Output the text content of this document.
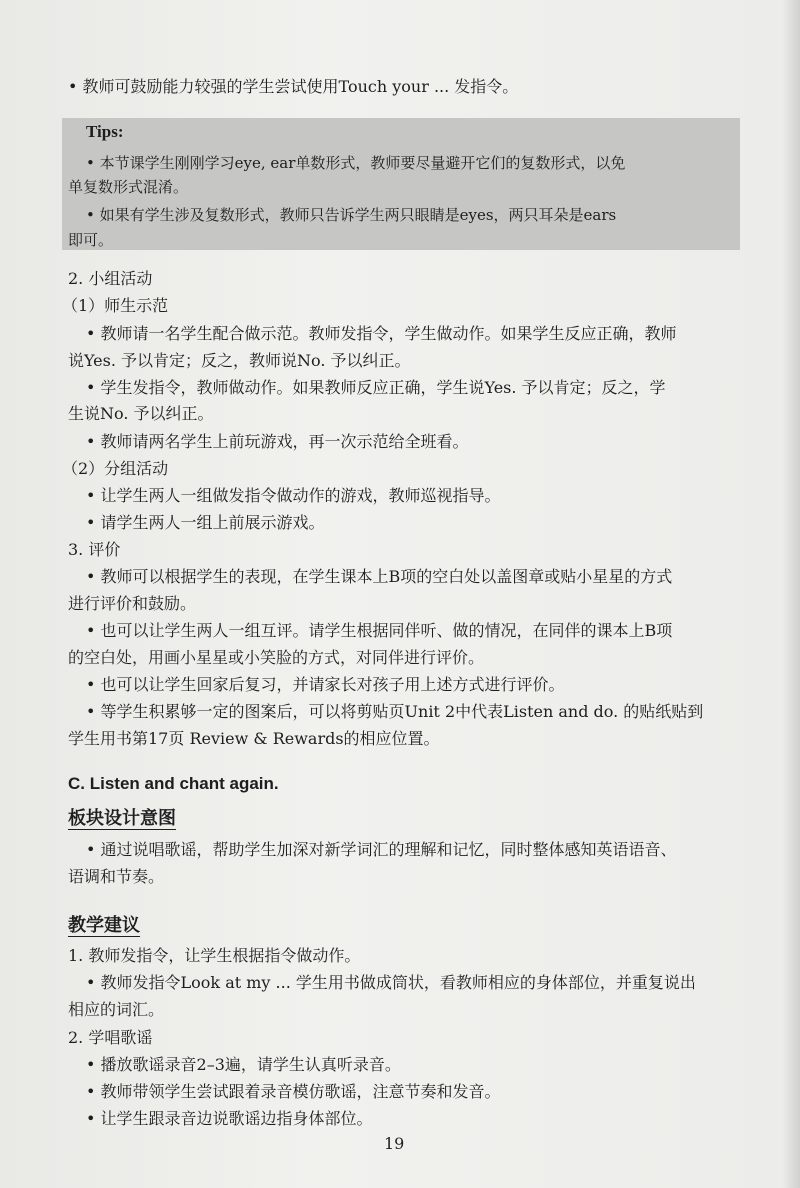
• 教师可鼓励能力较强的学生尝试使用Touch your ... 发指令。
Tips:
• 本节课学生刚刚学习eye, ear单数形式，教师要尽量避开它们的复数形式，以免
单复数形式混淆。
• 如果有学生涉及复数形式，教师只告诉学生两只眼睛是eyes，两只耳朵是ears
即可。
2. 小组活动
（1）师生示范
• 教师请一名学生配合做示范。教师发指令，学生做动作。如果学生反应正确，教师
说Yes. 予以肯定；反之，教师说No. 予以纠正。
• 学生发指令，教师做动作。如果教师反应正确，学生说Yes. 予以肯定；反之，学
生说No. 予以纠正。
• 教师请两名学生上前玩游戏，再一次示范给全班看。
（2）分组活动
• 让学生两人一组做发指令做动作的游戏，教师巡视指导。
• 请学生两人一组上前展示游戏。
3. 评价
• 教师可以根据学生的表现，在学生课本上B项的空白处以盖图章或贴小星星的方式
进行评价和鼓励。
• 也可以让学生两人一组互评。请学生根据同伴听、做的情况，在同伴的课本上B项
的空白处，用画小星星或小笑脸的方式，对同伴进行评价。
• 也可以让学生回家后复习，并请家长对孩子用上述方式进行评价。
• 等学生积累够一定的图案后，可以将剪贴页Unit 2中代表Listen and do. 的贴纸贴到
学生用书第17页 Review & Rewards的相应位置。
C. Listen and chant again.
板块设计意图
• 通过说唱歌谣，帮助学生加深对新学词汇的理解和记忆，同时整体感知英语语音、
语调和节奏。
教学建议
1. 教师发指令，让学生根据指令做动作。
• 教师发指令Look at my ... 学生用书做成筒状，看教师相应的身体部位，并重复说出
相应的词汇。
2. 学唱歌谣
• 播放歌谣录音2–3遍，请学生认真听录音。
• 教师带领学生尝试跟着录音模仿歌谣，注意节奏和发音。
• 让学生跟录音边说歌谣边指身体部位。
19
